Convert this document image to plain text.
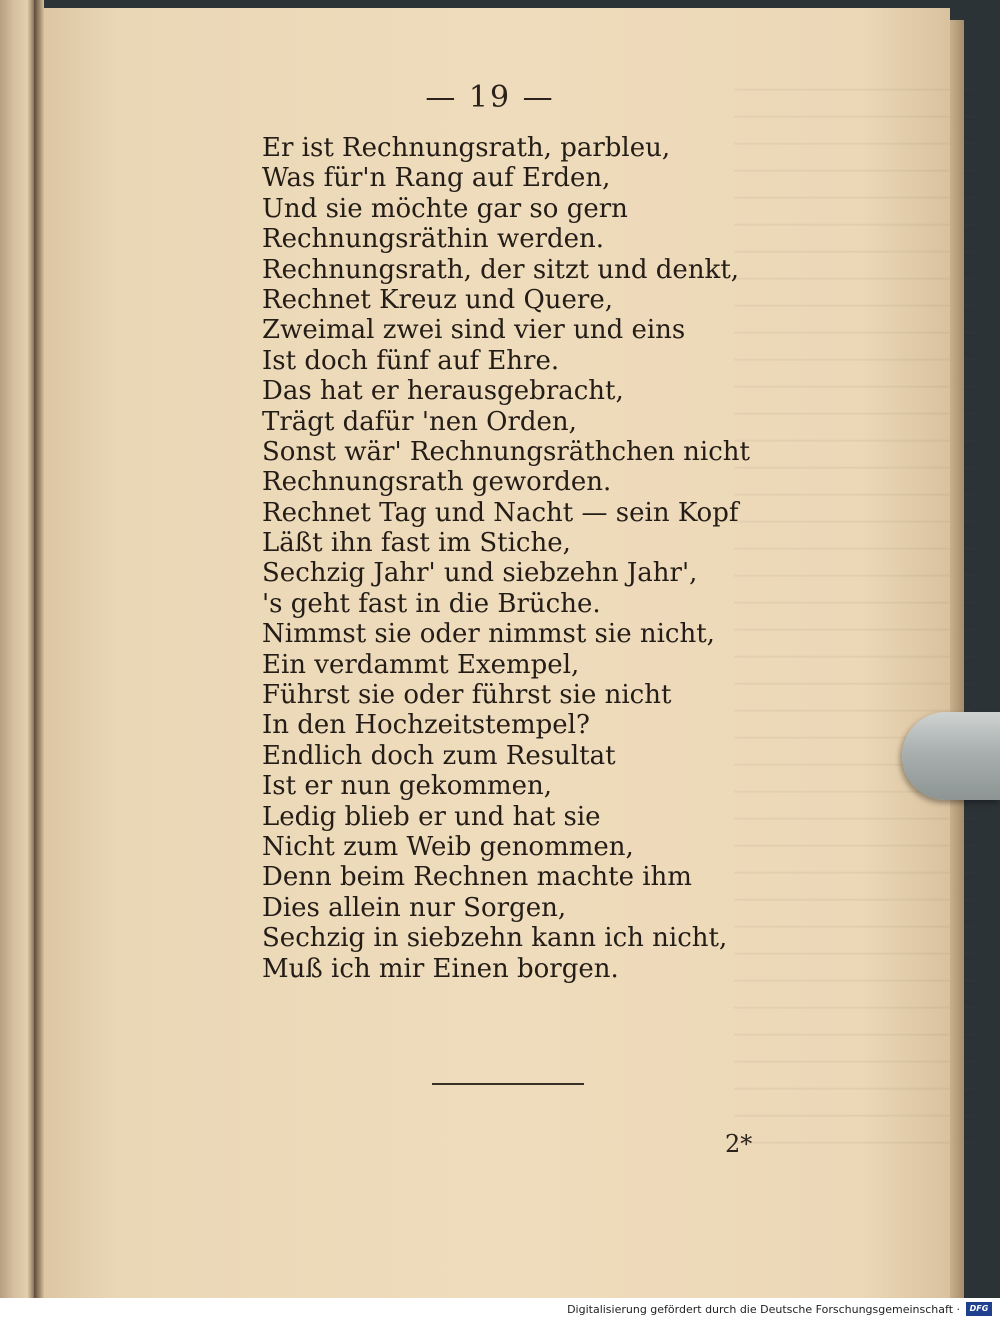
— 19 —
Er ist Rechnungsrath, parbleu,
Was für'n Rang auf Erden,
Und sie möchte gar so gern
Rechnungsräthin werden.
Rechnungsrath, der sitzt und denkt,
Rechnet Kreuz und Quere,
Zweimal zwei sind vier und eins
Ist doch fünf auf Ehre.
Das hat er herausgebracht,
Trägt dafür 'nen Orden,
Sonst wär' Rechnungsräthchen nicht
Rechnungsrath geworden.
Rechnet Tag und Nacht — sein Kopf
Läßt ihn fast im Stiche,
Sechzig Jahr' und siebzehn Jahr',
's geht fast in die Brüche.
Nimmst sie oder nimmst sie nicht,
Ein verdammt Exempel,
Führst sie oder führst sie nicht
In den Hochzeitstempel?
Endlich doch zum Resultat
Ist er nun gekommen,
Ledig blieb er und hat sie
Nicht zum Weib genommen,
Denn beim Rechnen machte ihm
Dies allein nur Sorgen,
Sechzig in siebzehn kann ich nicht,
Muß ich mir Einen borgen.
2*
Digitalisierung gefördert durch die Deutsche Forschungsgemeinschaft ·	DFG
